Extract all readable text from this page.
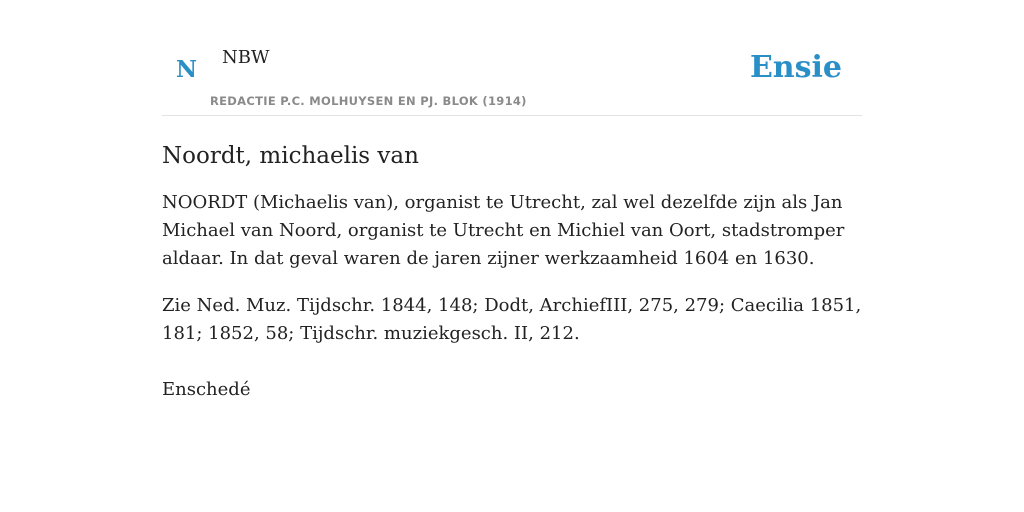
N NBW
REDACTIE P.C. MOLHUYSEN EN PJ. BLOK (1914)
Ensie
Noordt, michaelis van

NOORDT (Michaelis van), organist te Utrecht, zal wel dezelfde zijn als Jan Michael van Noord, organist te Utrecht en Michiel van Oort, stadstromper aldaar. In dat geval waren de jaren zijner werkzaamheid 1604 en 1630.

Zie Ned. Muz. Tijdschr. 1844, 148; Dodt, ArchiefIII, 275, 279; Caecilia 1851, 181; 1852, 58; Tijdschr. muziekgesch. II, 212.

Enschedé
